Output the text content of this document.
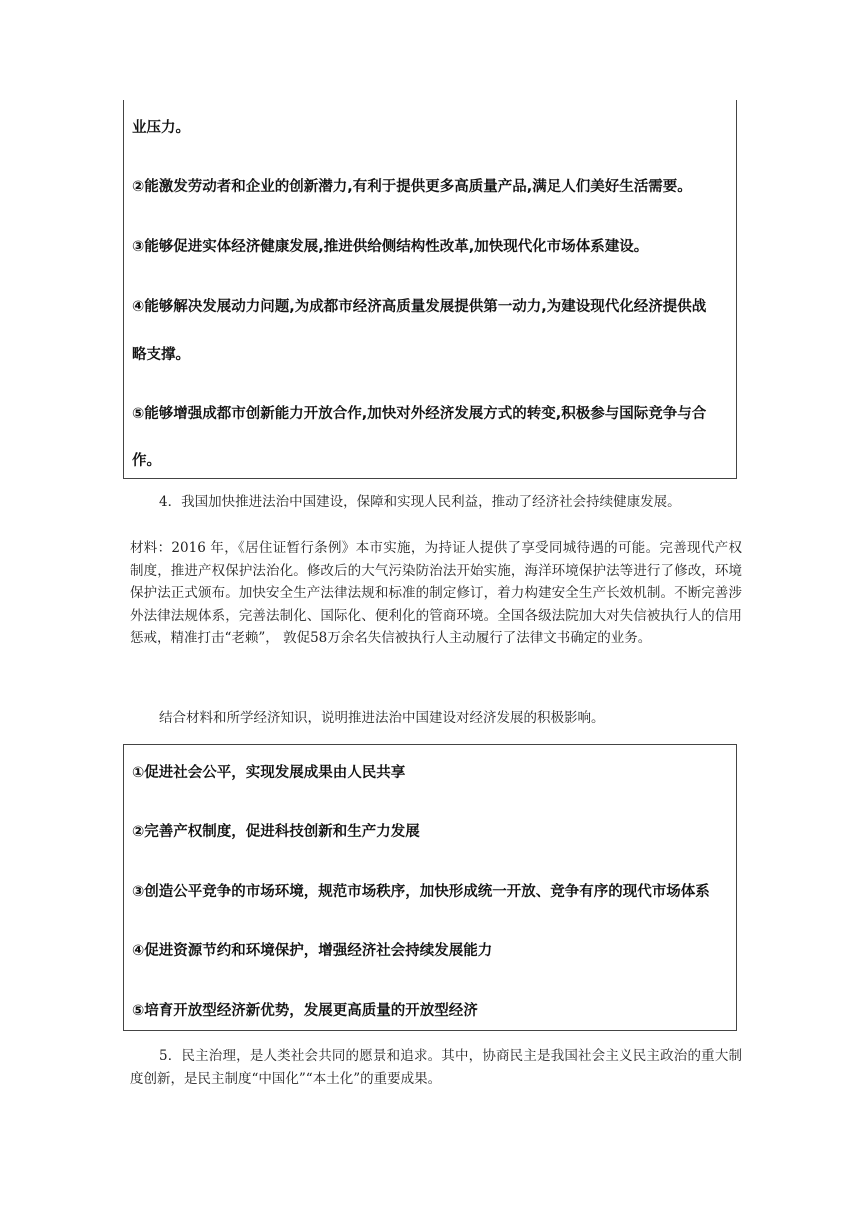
业压力。
②能激发劳动者和企业的创新潜力,有利于提供更多高质量产品,满足人们美好生活需要。
③能够促进实体经济健康发展,推进供给侧结构性改革,加快现代化市场体系建设。
④能够解决发展动力问题,为成都市经济高质量发展提供第一动力,为建设现代化经济提供战
略支撑。
⑤能够增强成都市创新能力开放合作,加快对外经济发展方式的转变,积极参与国际竞争与合
作。
4．我国加快推进法治中国建设，保障和实现人民利益，推动了经济社会持续健康发展。
材料：2016 年，《居住证暂行条例》本市实施，为持证人提供了享受同城待遇的可能。完善现代产权制度，推进产权保护法治化。修改后的大气污染防治法开始实施，海洋环境保护法等进行了修改，环境保护法正式颁布。加快安全生产法律法规和标准的制定修订，着力构建安全生产长效机制。不断完善涉外法律法规体系，完善法制化、国际化、便利化的管商环境。全国各级法院加大对失信被执行人的信用惩戒，精准打击“老赖”， 敦促58万余名失信被执行人主动履行了法律文书确定的业务。
结合材料和所学经济知识，说明推进法治中国建设对经济发展的积极影响。
①促进社会公平，实现发展成果由人民共享
②完善产权制度，促进科技创新和生产力发展
③创造公平竞争的市场环境，规范市场秩序，加快形成统一开放、竞争有序的现代市场体系
④促进资源节约和环境保护，增强经济社会持续发展能力
⑤培育开放型经济新优势，发展更高质量的开放型经济
5．民主治理，是人类社会共同的愿景和追求。其中，协商民主是我国社会主义民主政治的重大制度创新，是民主制度“中国化”“本土化”的重要成果。
